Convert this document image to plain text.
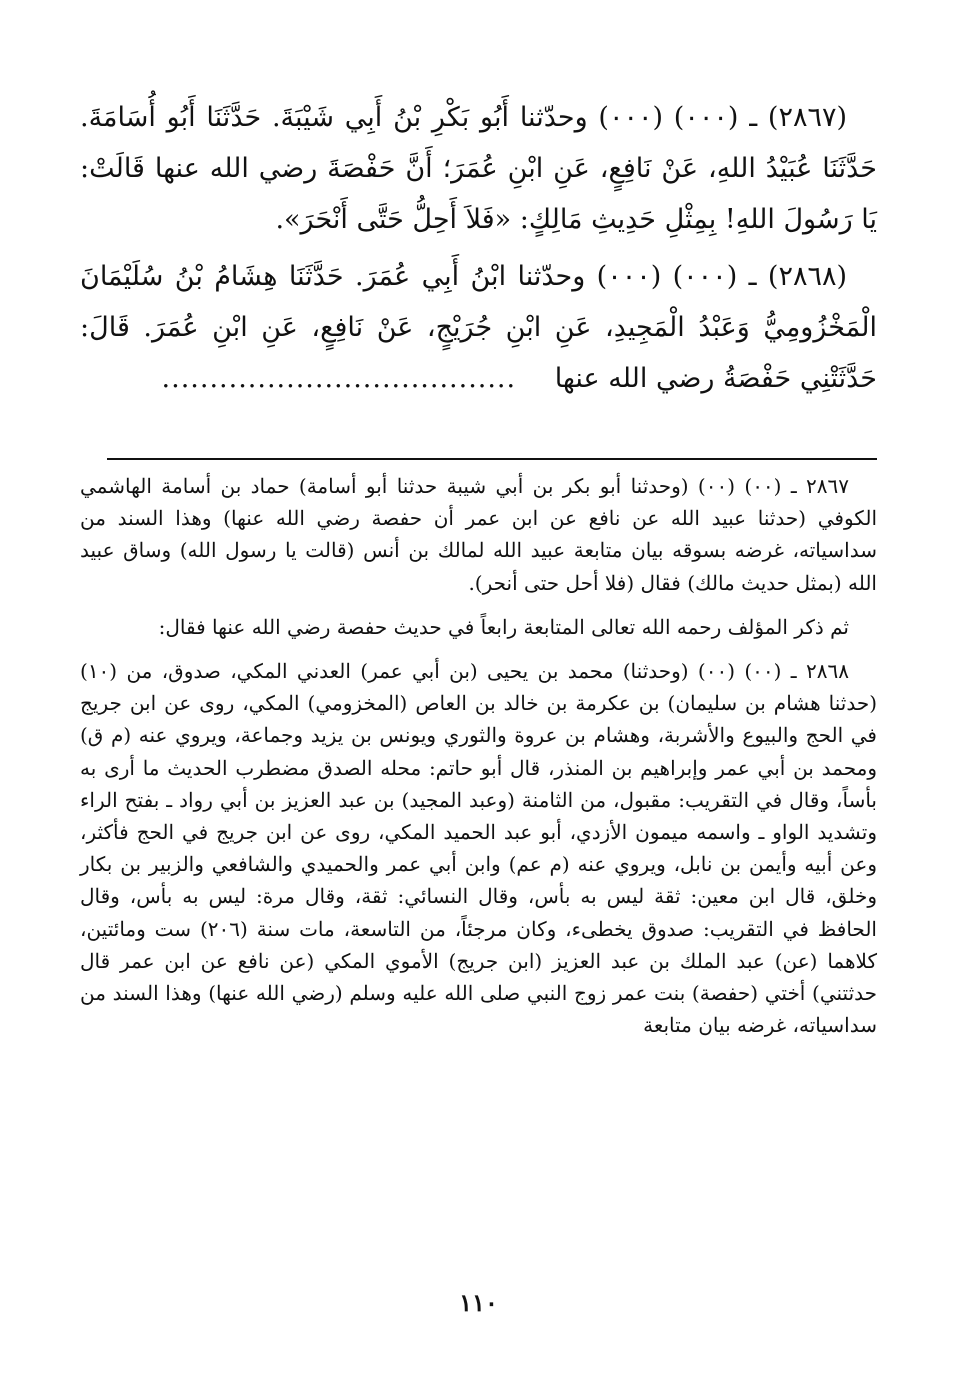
(٢٨٦٧) ـ (٠٠٠) (٠٠٠) وحدّثنا أَبُو بَكْرِ بْنُ أَبِي شَيْبَةَ. حَدَّثَنَا أَبُو أُسَامَةَ. حَدَّثَنَا عُبَيْدُ اللهِ، عَنْ نَافِعٍ، عَنِ ابْنِ عُمَرَ؛ أَنَّ حَفْصَةَ رضي الله عنها قَالَتْ: يَا رَسُولَ اللهِ! بِمِثْلِ حَدِيثِ مَالِكٍ: «فَلاَ أَحِلُّ حَتَّى أَنْحَرَ».

(٢٨٦٨) ـ (٠٠٠) (٠٠٠) وحدّثنا ابْنُ أَبِي عُمَرَ. حَدَّثَنَا هِشَامُ بْنُ سُلَيْمَانَ الْمَخْزُومِيُّ وَعَبْدُ الْمَجِيدِ، عَنِ ابْنِ جُرَيْجٍ، عَنْ نَافِعٍ، عَنِ ابْنِ عُمَرَ. قَالَ: حَدَّثَتْنِي حَفْصَةُ رضي الله عنها .....................................

٢٨٦٧ ـ (٠٠) (٠٠) (وحدثنا أبو بكر بن أبي شيبة حدثنا أبو أسامة) حماد بن أسامة الهاشمي الكوفي (حدثنا عبيد الله عن نافع عن ابن عمر أن حفصة رضي الله عنها) وهذا السند من سداسياته، غرضه بسوقه بيان متابعة عبيد الله لمالك بن أنس (قالت يا رسول الله) وساق عبيد الله (بمثل حديث مالك) فقال (فلا أحل حتى أنحر).

ثم ذكر المؤلف رحمه الله تعالى المتابعة رابعاً في حديث حفصة رضي الله عنها فقال:

٢٨٦٨ ـ (٠٠) (٠٠) (وحدثنا) محمد بن يحيى (بن أبي عمر) العدني المكي، صدوق، من (١٠) (حدثنا هشام بن سليمان) بن عكرمة بن خالد بن العاص (المخزومي) المكي، روى عن ابن جريج في الحج والبيوع والأشربة، وهشام بن عروة والثوري ويونس بن يزيد وجماعة، ويروي عنه (م ق) ومحمد بن أبي عمر وإبراهيم بن المنذر، قال أبو حاتم: محله الصدق مضطرب الحديث ما أرى به بأساً، وقال في التقريب: مقبول، من الثامنة (وعبد المجيد) بن عبد العزيز بن أبي رواد ـ بفتح الراء وتشديد الواو ـ واسمه ميمون الأزدي، أبو عبد الحميد المكي، روى عن ابن جريج في الحج فأكثر، وعن أبيه وأيمن بن نابل، ويروي عنه (م عم) وابن أبي عمر والحميدي والشافعي والزبير بن بكار وخلق، قال ابن معين: ثقة ليس به بأس، وقال النسائي: ثقة، وقال مرة: ليس به بأس، وقال الحافظ في التقريب: صدوق يخطىء، وكان مرجئاً، من التاسعة، مات سنة (٢٠٦) ست ومائتين، كلاهما (عن) عبد الملك بن عبد العزيز (ابن جريج) الأموي المكي (عن نافع عن ابن عمر قال حدثتني) أختي (حفصة) بنت عمر زوج النبي صلى الله عليه وسلم (رضي الله عنها) وهذا السند من سداسياته، غرضه بيان متابعة

١١٠
